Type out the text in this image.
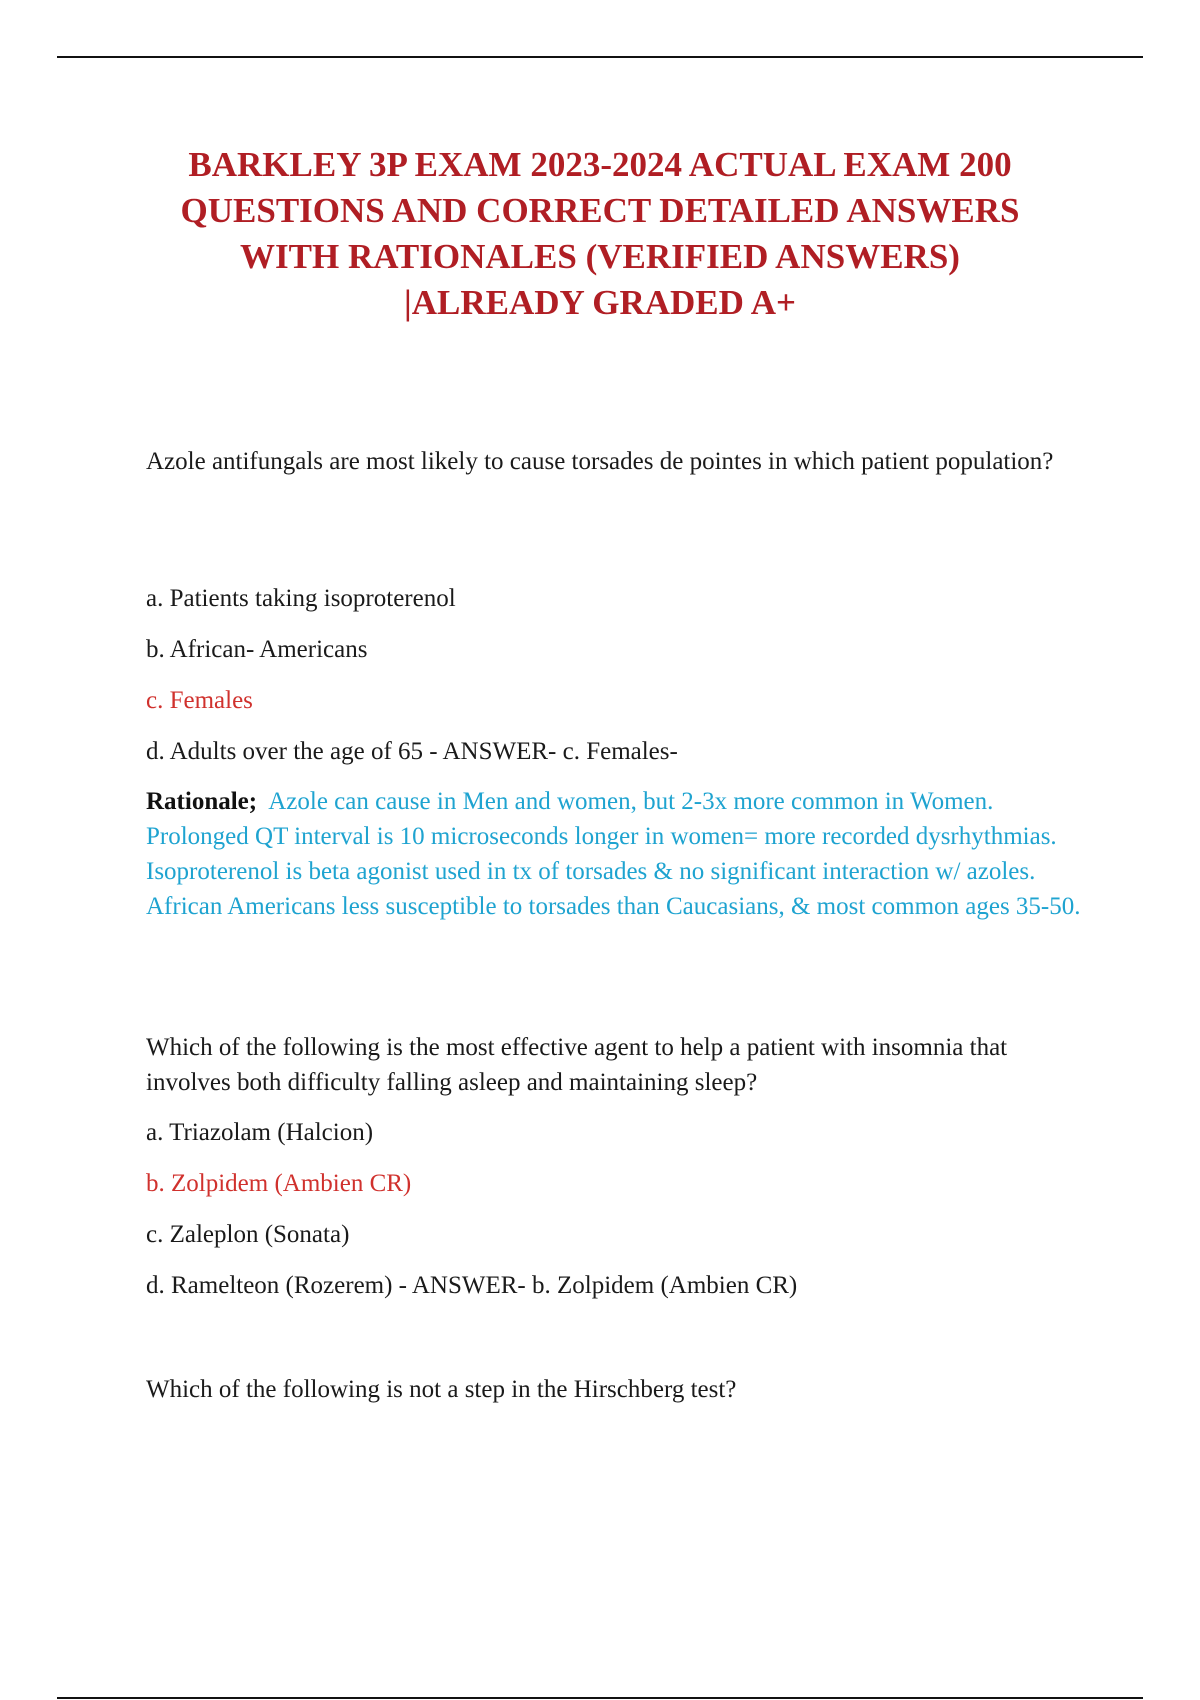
BARKLEY 3P EXAM 2023-2024 ACTUAL EXAM 200 QUESTIONS AND CORRECT DETAILED ANSWERS WITH RATIONALES (VERIFIED ANSWERS) |ALREADY GRADED A+

Azole antifungals are most likely to cause torsades de pointes in which patient population?

a. Patients taking isoproterenol

b. African- Americans

c. Females

d. Adults over the age of 65 - ANSWER- c. Females-

Rationale; Azole can cause in Men and women, but 2-3x more common in Women. Prolonged QT interval is 10 microseconds longer in women= more recorded dysrhythmias. Isoproterenol is beta agonist used in tx of torsades & no significant interaction w/ azoles. African Americans less susceptible to torsades than Caucasians, & most common ages 35-50.

Which of the following is the most effective agent to help a patient with insomnia that involves both difficulty falling asleep and maintaining sleep?

a. Triazolam (Halcion)

b. Zolpidem (Ambien CR)

c. Zaleplon (Sonata)

d. Ramelteon (Rozerem) - ANSWER- b. Zolpidem (Ambien CR)

Which of the following is not a step in the Hirschberg test?
